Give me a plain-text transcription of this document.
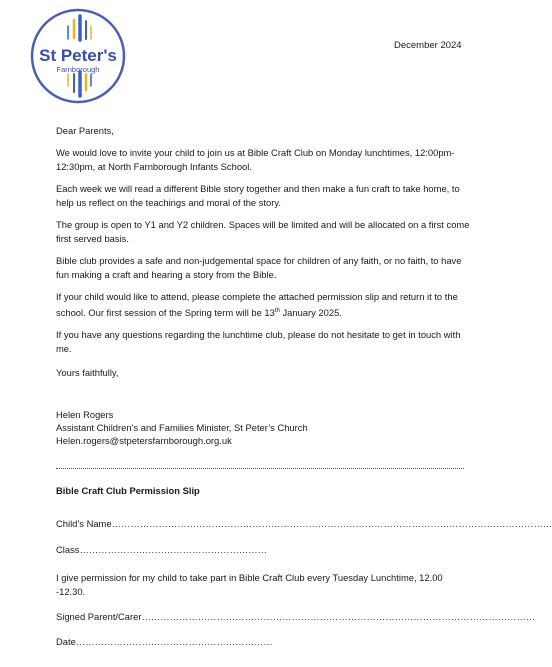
St Peter's
Farnborough
December 2024

Dear Parents,

We would love to invite your child to join us at Bible Craft Club on Monday lunchtimes, 12:00pm-12:30pm, at North Farnborough Infants School.

Each week we will read a different Bible story together and then make a fun craft to take home, to help us reflect on the teachings and moral of the story.

The group is open to Y1 and Y2 children. Spaces will be limited and will be allocated on a first come first served basis.

Bible club provides a safe and non-judgemental space for children of any faith, or no faith, to have fun making a craft and hearing a story from the Bible.

If your child would like to attend, please complete the attached permission slip and return it to the school. Our first session of the Spring term will be 13th January 2025.

If you have any questions regarding the lunchtime club, please do not hesitate to get in touch with me.

Yours faithfully,

Helen Rogers
Assistant Children’s and Families Minister, St Peter’s Church
Helen.rogers@stpetersfarnborough.org.uk
Bible Craft Club Permission Slip
Child’s Name……………………………………………………………………………………………………………………………
Class……………………………………………………
I give permission for my child to take part in Bible Craft Club every Tuesday Lunchtime, 12.00 -12.30.
Signed Parent/Carer………………………………………………………………………………………………………………
Date………………………………………………………
